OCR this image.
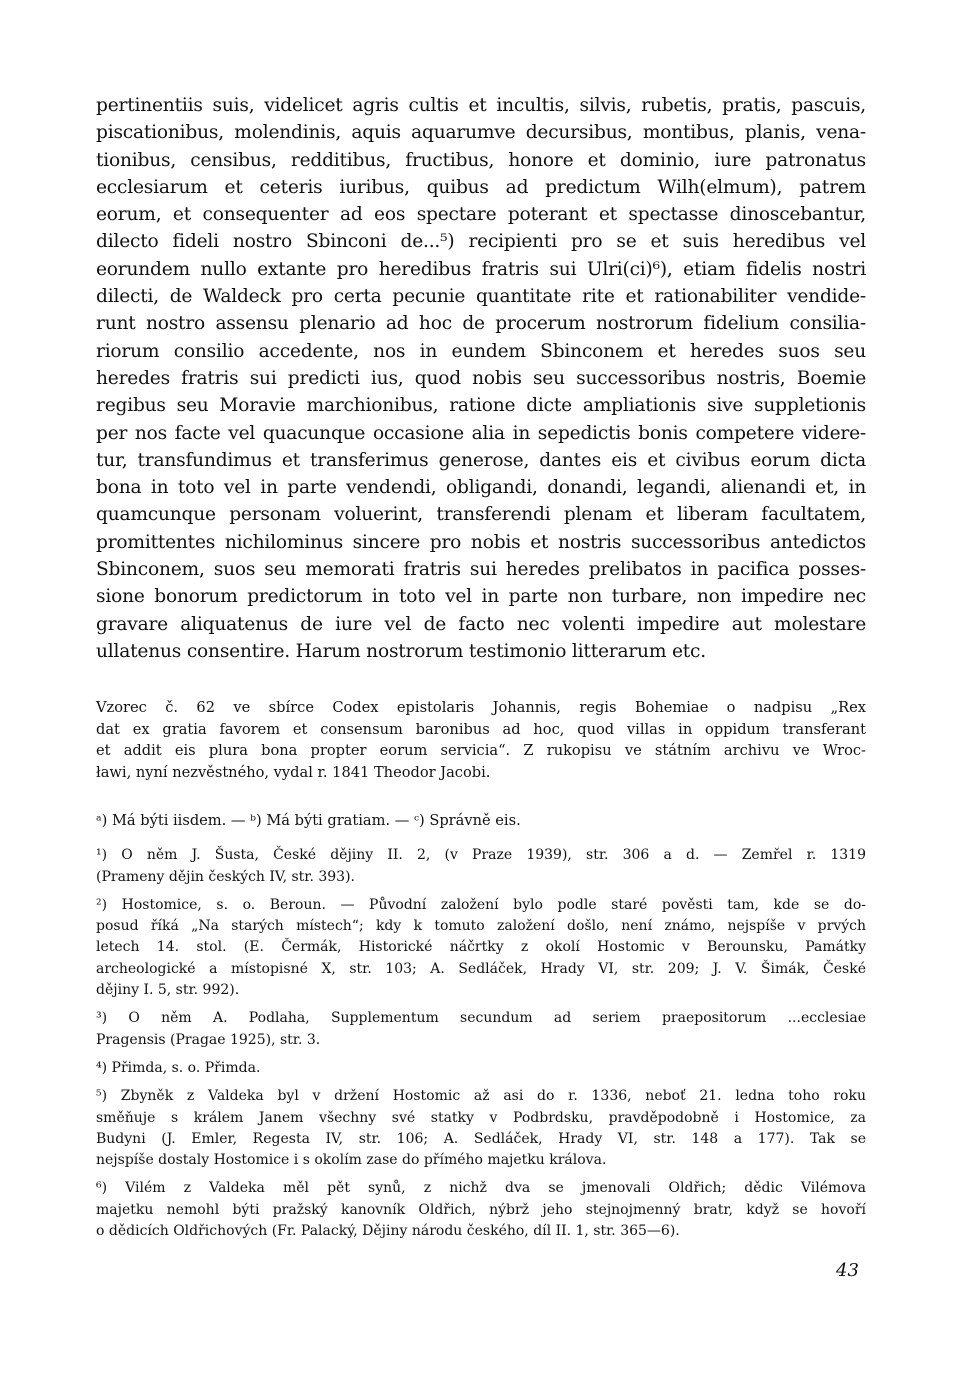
pertinentiis suis, videlicet agris cultis et incultis, silvis, rubetis, pratis, pascuis,
piscationibus, molendinis, aquis aquarumve decursibus, montibus, planis, vena-
tionibus, censibus, redditibus, fructibus, honore et dominio, iure patronatus
ecclesiarum et ceteris iuribus, quibus ad predictum Wilh(elmum), patrem
eorum, et consequenter ad eos spectare poterant et spectasse dinoscebantur,
dilecto fideli nostro Sbinconi de...⁵) recipienti pro se et suis heredibus vel
eorundem nullo extante pro heredibus fratris sui Ulri(ci)⁶), etiam fidelis nostri
dilecti, de Waldeck pro certa pecunie quantitate rite et rationabiliter vendide-
runt nostro assensu plenario ad hoc de procerum nostrorum fidelium consilia-
riorum consilio accedente, nos in eundem Sbinconem et heredes suos seu
heredes fratris sui predicti ius, quod nobis seu successoribus nostris, Boemie
regibus seu Moravie marchionibus, ratione dicte ampliationis sive suppletionis
per nos facte vel quacunque occasione alia in sepedictis bonis competere videre-
tur, transfundimus et transferimus generose, dantes eis et civibus eorum dicta
bona in toto vel in parte vendendi, obligandi, donandi, legandi, alienandi et, in
quamcunque personam voluerint, transferendi plenam et liberam facultatem,
promittentes nichilominus sincere pro nobis et nostris successoribus antedictos
Sbinconem, suos seu memorati fratris sui heredes prelibatos in pacifica posses-
sione bonorum predictorum in toto vel in parte non turbare, non impedire nec
gravare aliquatenus de iure vel de facto nec volenti impedire aut molestare
ullatenus consentire. Harum nostrorum testimonio litterarum etc.
Vzorec č. 62 ve sbírce Codex epistolaris Johannis, regis Bohemiae o nadpisu „Rex
dat ex gratia favorem et consensum baronibus ad hoc, quod villas in oppidum transferant
et addit eis plura bona propter eorum servicia“. Z rukopisu ve státním archivu ve Wroc-
ławi, nyní nezvěstného, vydal r. 1841 Theodor Jacobi.
ᵃ) Má býti iisdem. — ᵇ) Má býti gratiam. — ᶜ) Správně eis.
¹) O něm J. Šusta, České dějiny II. 2, (v Praze 1939), str. 306 a d. — Zemřel r. 1319
(Prameny dějin českých IV, str. 393).
²) Hostomice, s. o. Beroun. — Původní založení bylo podle staré pověsti tam, kde se do-
posud říká „Na starých místech“; kdy k tomuto založení došlo, není známo, nejspíše v prvých
letech 14. stol. (E. Čermák, Historické náčrtky z okolí Hostomic v Berounsku, Památky
archeologické a místopisné X, str. 103; A. Sedláček, Hrady VI, str. 209; J. V. Šimák, České
dějiny I. 5, str. 992).
³) O něm A. Podlaha, Supplementum secundum ad seriem praepositorum ...ecclesiae
Pragensis (Pragae 1925), str. 3.
⁴) Přimda, s. o. Přimda.
⁵) Zbyněk z Valdeka byl v držení Hostomic až asi do r. 1336, neboť 21. ledna toho roku
směňuje s králem Janem všechny své statky v Podbrdsku, pravděpodobně i Hostomice, za
Budyni (J. Emler, Regesta IV, str. 106; A. Sedláček, Hrady VI, str. 148 a 177). Tak se
nejspíše dostaly Hostomice i s okolím zase do přímého majetku králova.
⁶) Vilém z Valdeka měl pět synů, z nichž dva se jmenovali Oldřich; dědic Vilémova
majetku nemohl býti pražský kanovník Oldřich, nýbrž jeho stejnojmenný bratr, když se hovoří
o dědicích Oldřichových (Fr. Palacký, Dějiny národu českého, díl II. 1, str. 365—6).
43
